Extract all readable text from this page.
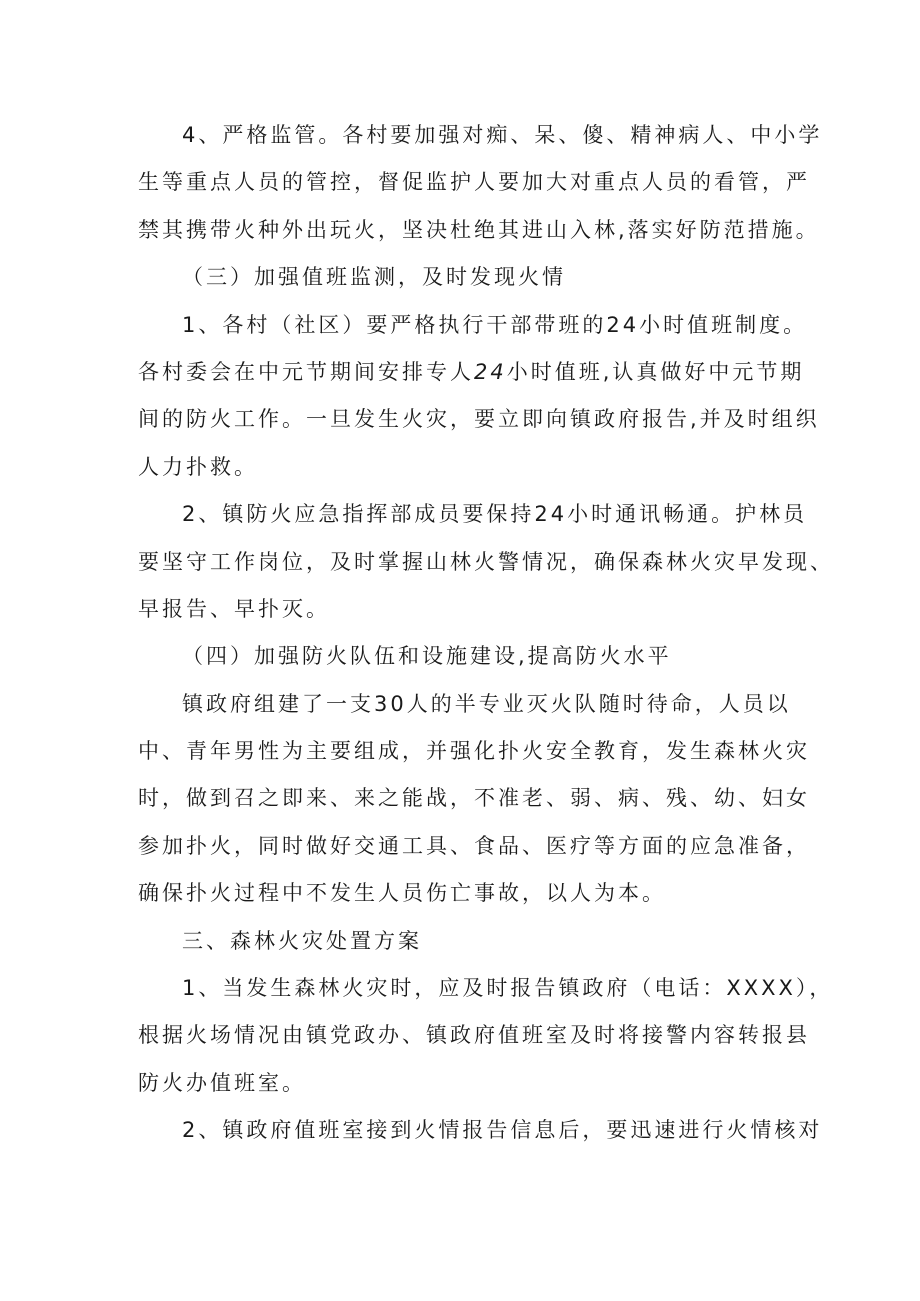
4、严格监管。各村要加强对痴、呆、傻、精神病人、中小学
生等重点人员的管控，督促监护人要加大对重点人员的看管，严
禁其携带火种外出玩火，坚决杜绝其进山入林,落实好防范措施。
（三）加强值班监测，及时发现火情
1、各村（社区）要严格执行干部带班的24小时值班制度。
各村委会在中元节期间安排专人24小时值班,认真做好中元节期
间的防火工作。一旦发生火灾，要立即向镇政府报告,并及时组织
人力扑救。
2、镇防火应急指挥部成员要保持24小时通讯畅通。护林员
要坚守工作岗位，及时掌握山林火警情况，确保森林火灾早发现、
早报告、早扑灭。
（四）加强防火队伍和设施建设,提高防火水平
镇政府组建了一支30人的半专业灭火队随时待命，人员以
中、青年男性为主要组成，并强化扑火安全教育，发生森林火灾
时，做到召之即来、来之能战，不准老、弱、病、残、幼、妇女
参加扑火，同时做好交通工具、食品、医疗等方面的应急准备，
确保扑火过程中不发生人员伤亡事故，以人为本。
三、森林火灾处置方案
1、当发生森林火灾时，应及时报告镇政府（电话：XXXX），
根据火场情况由镇党政办、镇政府值班室及时将接警内容转报县
防火办值班室。
2、镇政府值班室接到火情报告信息后，要迅速进行火情核对
